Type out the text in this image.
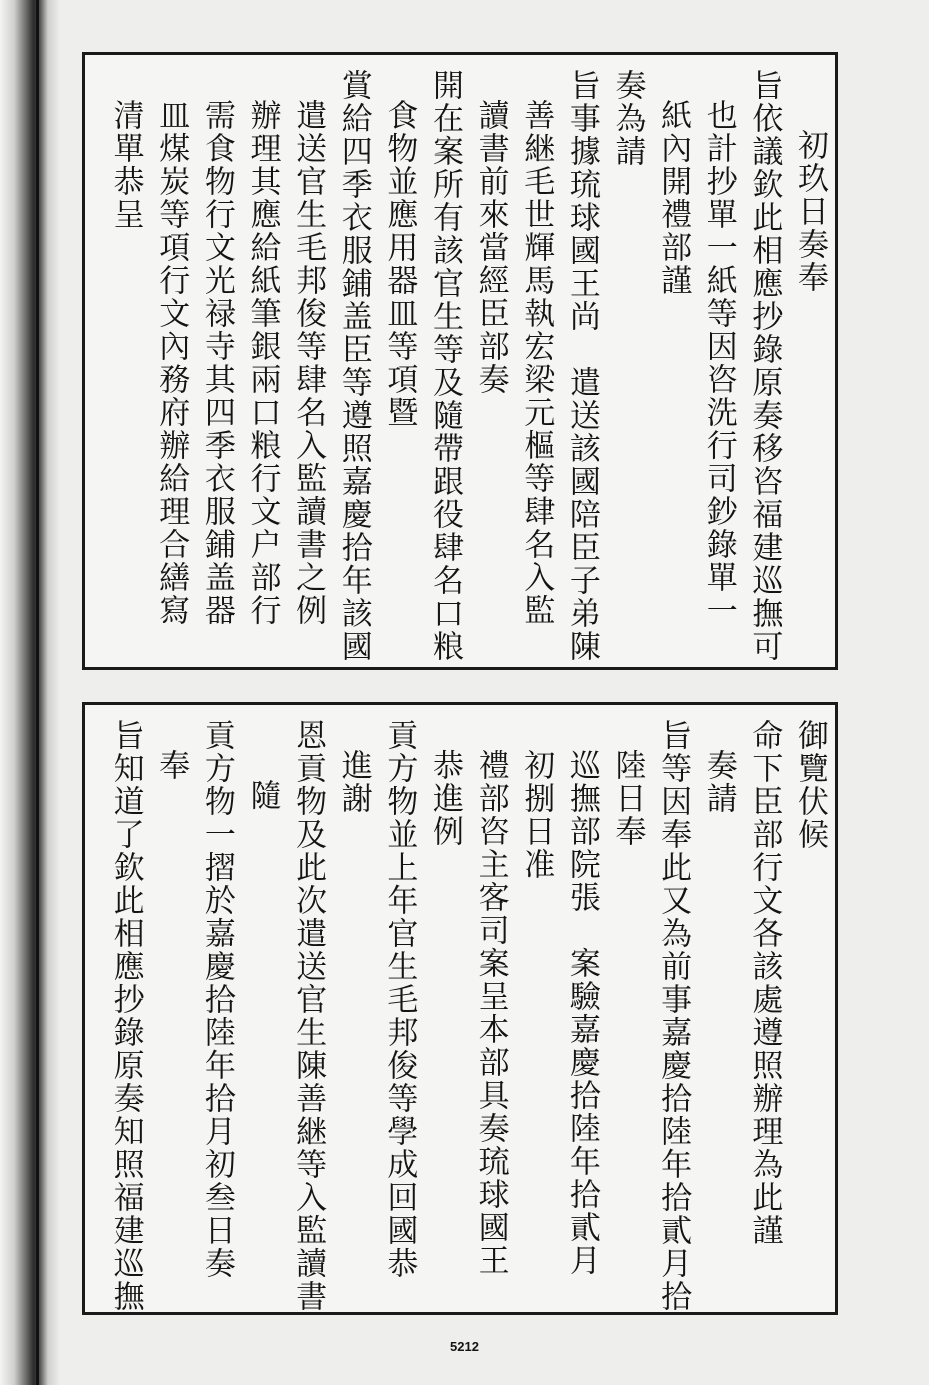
初玖日奏奉
旨依議欽此相應抄錄原奏移咨福建巡撫可
也計抄單一紙等因咨洗行司鈔錄單一
紙內開禮部謹
奏為請
旨事據琉球國王尚　遣送該國陪臣子弟陳
善継毛世輝馬執宏梁元樞等肆名入監
讀書前來當經臣部奏
開在案所有該官生等及隨帶跟役肆名口粮
食物並應用器皿等項暨
賞給四季衣服鋪盖臣等遵照嘉慶拾年該國
遣送官生毛邦俊等肆名入監讀書之例
辦理其應給紙筆銀兩口粮行文户部行
需食物行文光禄寺其四季衣服鋪盖器
皿煤炭等項行文內務府辦給理合繕寫
清單恭呈
御覽伏候
命下臣部行文各該處遵照辦理為此謹
奏請
旨等因奉此又為前事嘉慶拾陸年拾貳月拾
陸日奉
巡撫部院張　案驗嘉慶拾陸年拾貳月
初捌日准
禮部咨主客司案呈本部具奏琉球國王
恭進例
貢方物並上年官生毛邦俊等學成回國恭
進謝
恩貢物及此次遣送官生陳善継等入監讀書
隨
貢方物一摺於嘉慶拾陸年拾月初叁日奏
奉
旨知道了欽此相應抄錄原奏知照福建巡撫
5212
